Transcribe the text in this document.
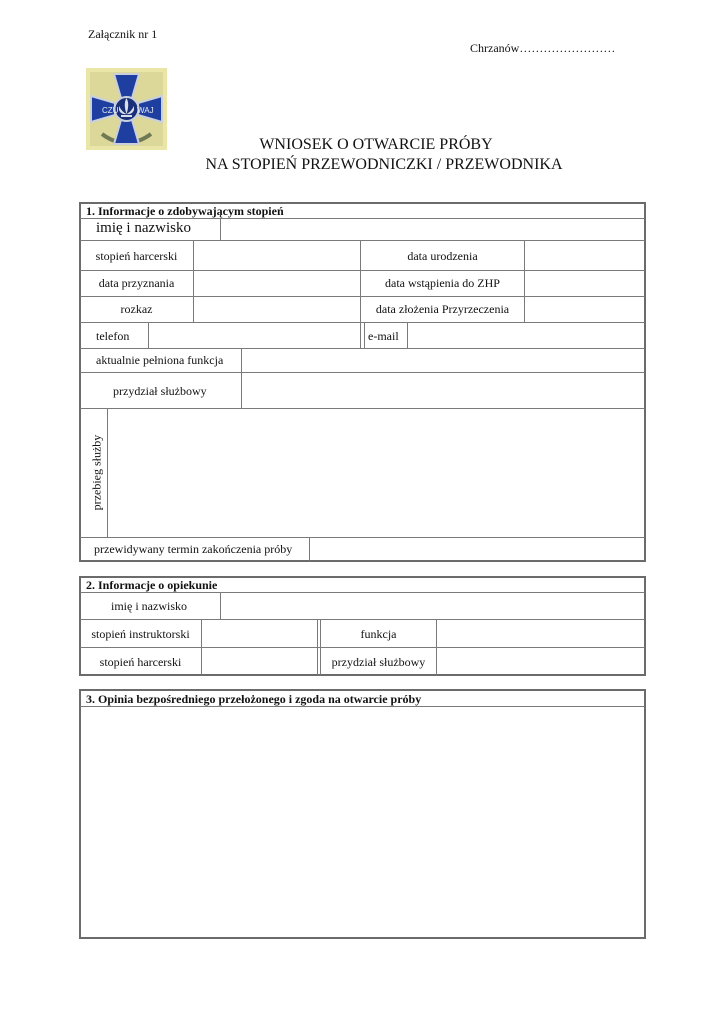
Załącznik nr 1
Chrzanów……………………
CZU WAJ
WNIOSEK O OTWARCIE PRÓBY
NA STOPIEŃ PRZEWODNICZKI / PRZEWODNIKA
1. Informacje o zdobywającym stopień
imię i nazwisko
stopień harcerski	data urodzenia
data przyznania	data wstąpienia do ZHP
rozkaz	data złożenia Przyrzeczenia
telefon	e-mail
aktualnie pełniona funkcja
przydział służbowy
przebieg służby
przewidywany termin zakończenia próby
2. Informacje o opiekunie
imię i nazwisko
stopień instruktorski	funkcja
stopień harcerski	przydział służbowy
3. Opinia bezpośredniego przełożonego i zgoda na otwarcie próby
